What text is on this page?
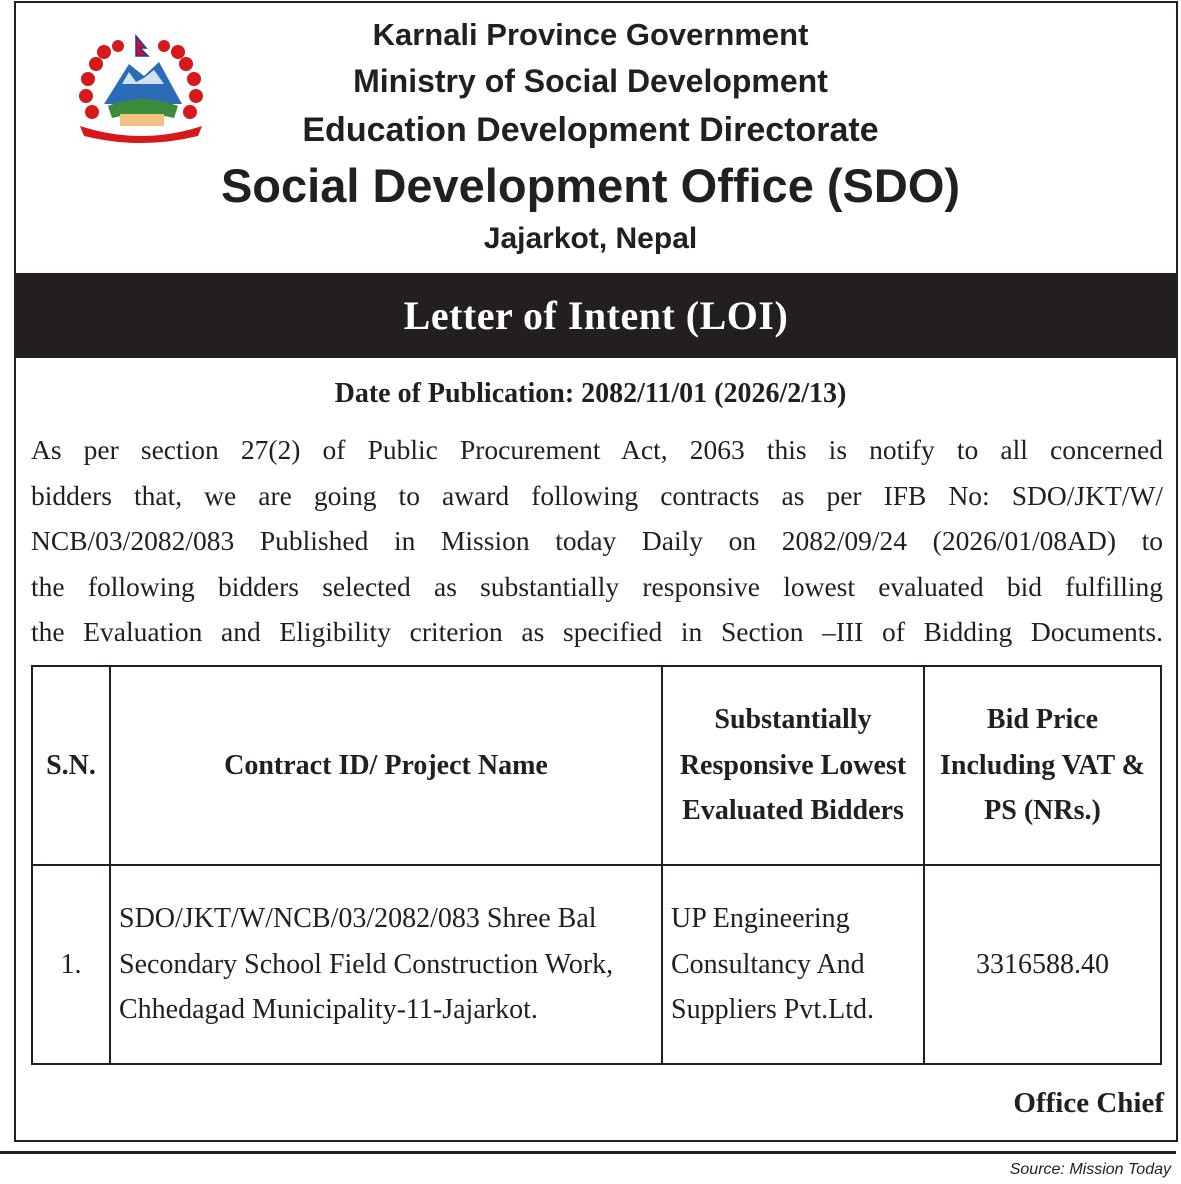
Karnali Province Government
Ministry of Social Development
Education Development Directorate
Social Development Office (SDO)
Jajarkot, Nepal
Letter of Intent (LOI)
Date of Publication: 2082/11/01 (2026/2/13)
As per section 27(2) of Public Procurement Act, 2063 this is notify to all concerned
bidders that, we are going to award following contracts as per IFB No: SDO/JKT/W/
NCB/03/2082/083 Published in Mission today Daily on 2082/09/24 (2026/01/08AD) to
the following bidders selected as substantially responsive lowest evaluated bid fulfilling
the Evaluation and Eligibility criterion as specified in Section –III of Bidding Documents.
S.N.	Contract ID/ Project Name	Substantially Responsive Lowest Evaluated Bidders	Bid Price Including VAT & PS (NRs.)
1.	SDO/JKT/W/NCB/03/2082/083 Shree Bal Secondary School Field Construction Work, Chhedagad Municipality-11-Jajarkot.	UP Engineering Consultancy And Suppliers Pvt.Ltd.	3316588.40
Office Chief
Source: Mission Today
